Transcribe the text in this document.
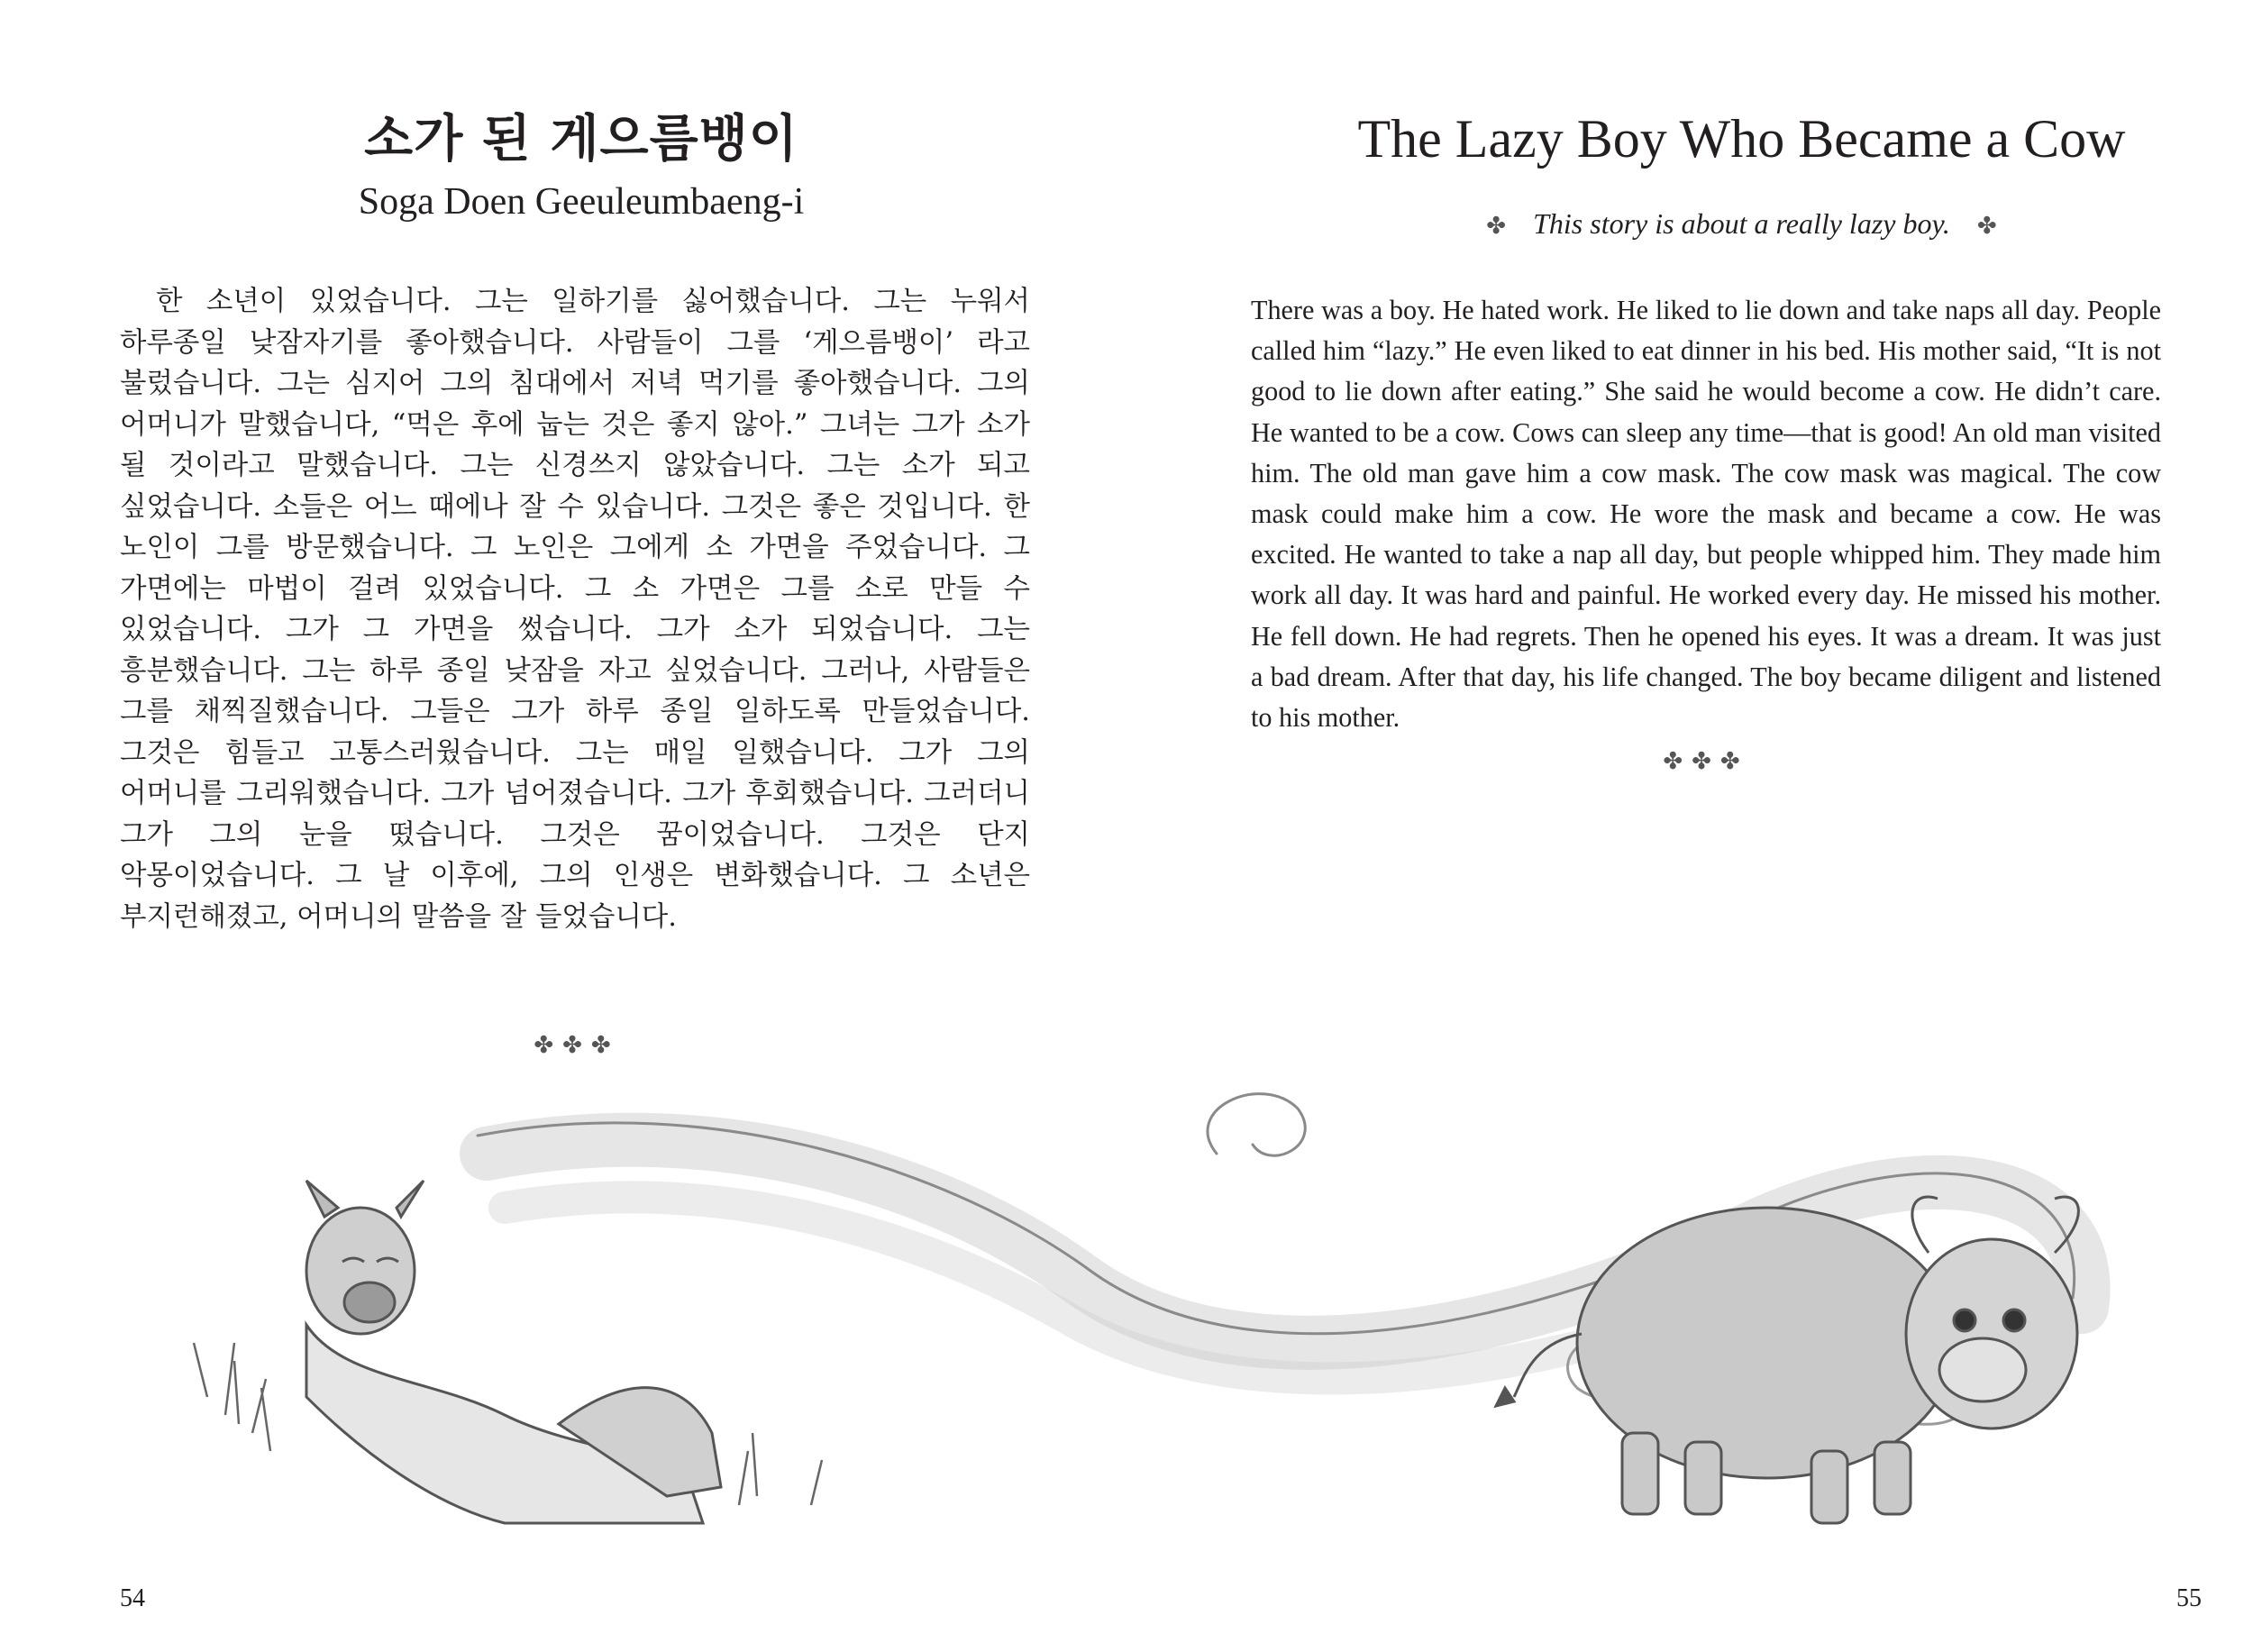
소가 된 게으름뱅이
Soga Doen Geeuleumbaeng-i
한 소년이 있었습니다. 그는 일하기를 싫어했습니다. 그는 누워서 하루종일 낮잠자기를 좋아했습니다. 사람들이 그를 ‘게으름뱅이’ 라고 불렀습니다. 그는 심지어 그의 침대에서 저녁 먹기를 좋아했습니다. 그의 어머니가 말했습니다, “먹은 후에 눕는 것은 좋지 않아.” 그녀는 그가 소가 될 것이라고 말했습니다. 그는 신경쓰지 않았습니다. 그는 소가 되고 싶었습니다. 소들은 어느 때에나 잘 수 있습니다. 그것은 좋은 것입니다. 한 노인이 그를 방문했습니다. 그 노인은 그에게 소 가면을 주었습니다. 그 가면에는 마법이 걸려 있었습니다. 그 소 가면은 그를 소로 만들 수 있었습니다. 그가 그 가면을 썼습니다. 그가 소가 되었습니다. 그는 흥분했습니다. 그는 하루 종일 낮잠을 자고 싶었습니다. 그러나, 사람들은 그를 채찍질했습니다. 그들은 그가 하루 종일 일하도록 만들었습니다. 그것은 힘들고 고통스러웠습니다. 그는 매일 일했습니다. 그가 그의 어머니를 그리워했습니다. 그가 넘어졌습니다. 그가 후회했습니다. 그러더니 그가 그의 눈을 떴습니다. 그것은 꿈이었습니다. 그것은 단지 악몽이었습니다. 그 날 이후에, 그의 인생은 변화했습니다. 그 소년은 부지런해졌고, 어머니의 말씀을 잘 들었습니다.
✤✤✤
54
The Lazy Boy Who Became a Cow
✤ This story is about a really lazy boy. ✤
There was a boy. He hated work. He liked to lie down and take naps all day. People called him “lazy.” He even liked to eat dinner in his bed. His mother said, “It is not good to lie down after eating.” She said he would become a cow. He didn’t care. He wanted to be a cow. Cows can sleep any time—that is good! An old man visited him. The old man gave him a cow mask. The cow mask was magical. The cow mask could make him a cow. He wore the mask and became a cow. He was excited. He wanted to take a nap all day, but people whipped him. They made him work all day. It was hard and painful. He worked every day. He missed his mother. He fell down. He had regrets. Then he opened his eyes. It was a dream. It was just a bad dream. After that day, his life changed. The boy became diligent and listened to his mother.
✤✤✤
55
